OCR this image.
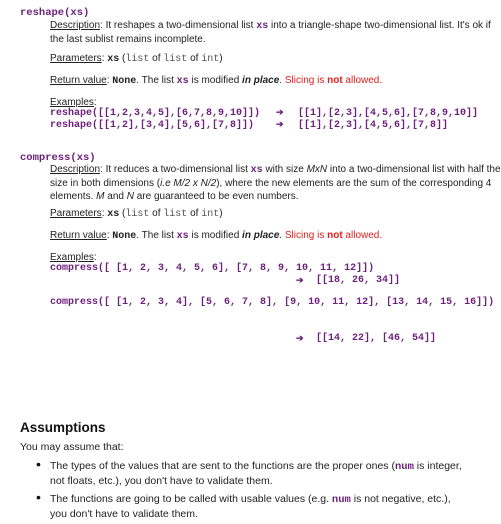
reshape(xs)
Description: It reshapes a two-dimensional list xs into a triangle-shape two-dimensional list. It's ok if
the last sublist remains incomplete.
Parameters: xs (list of list of int)
Return value: None. The list xs is modified in place. Slicing is not allowed.
Examples:
reshape([[1,2,3,4,5],[6,7,8,9,10]]) ➔ [[1],[2,3],[4,5,6],[7,8,9,10]]
reshape([[1,2],[3,4],[5,6],[7,8]]) ➔ [[1],[2,3],[4,5,6],[7,8]]
compress(xs)
Description: It reduces a two-dimensional list xs with size MxN into a two-dimensional list with half the
size in both dimensions (i.e M/2 x N/2), where the new elements are the sum of the corresponding 4
elements. M and N are guaranteed to be even numbers.
Parameters: xs (list of list of int)
Return value: None. The list xs is modified in place. Slicing is not allowed.
Examples:
compress([ [1, 2, 3, 4, 5, 6], [7, 8, 9, 10, 11, 12]])
➔ [[18, 26, 34]]
compress([ [1, 2, 3, 4], [5, 6, 7, 8], [9, 10, 11, 12], [13, 14, 15, 16]])
➔ [[14, 22], [46, 54]]
Assumptions
You may assume that:
• The types of the values that are sent to the functions are the proper ones (num is integer, not floats, etc.), you don't have to validate them.
• The functions are going to be called with usable values (e.g. num is not negative, etc.), you don't have to validate them.
